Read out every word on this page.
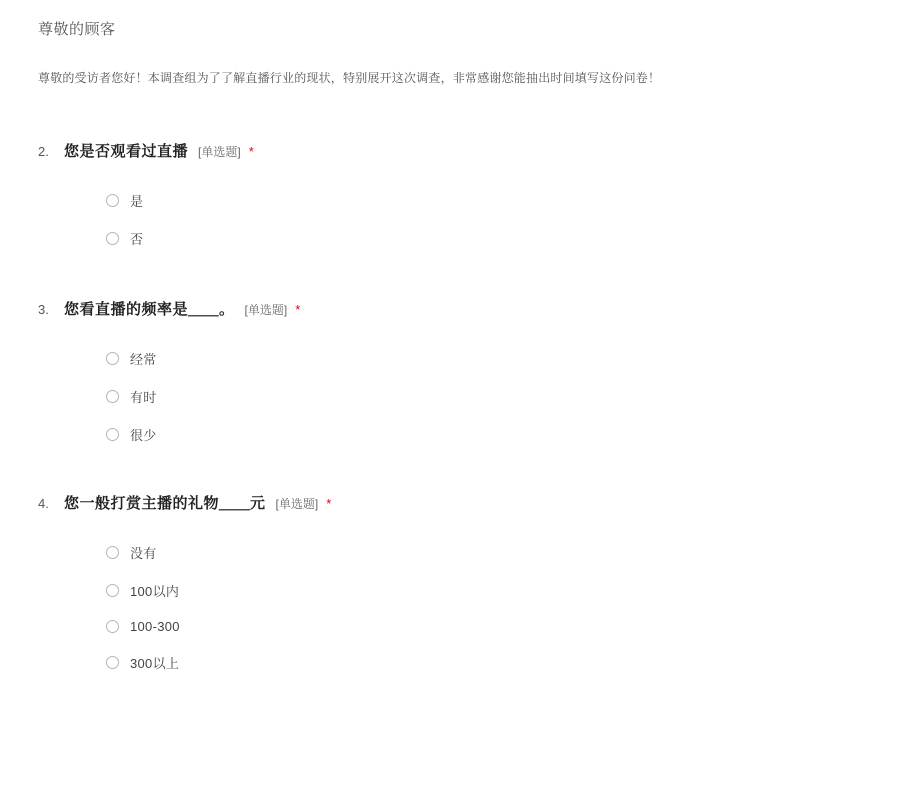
尊敬的顾客

尊敬的受访者您好！本调查组为了了解直播行业的现状，特别展开这次调查，非常感谢您能抽出时间填写这份问卷！

2.	您是否观看过直播 [单选题] *
是
否
3.	您看直播的频率是＿＿。 [单选题] *
经常
有时
很少
4.	您一般打赏主播的礼物＿＿元 [单选题] *
没有
100以内
100-300
300以上
